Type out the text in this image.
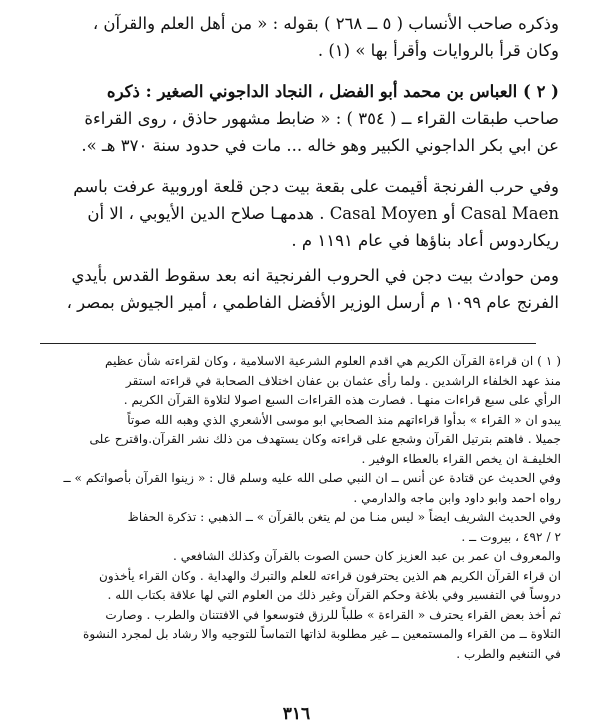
وذكره صاحب الأنساب ( ٥ ــ ٢٦٨ ) بقوله : « من أهل العلم والقرآن ،
وكان قرأ بالروايات وأقرأ بها » (١) .
( ٢ ) العباس بن محمد أبو الفضل ، النجاد الداجوني الصغير : ذكره
صاحب طبقات القراء ــ ( ٣٥٤ ) : « ضابط مشهور حاذق ، روى القراءة
عن ابي بكر الداجوني الكبير وهو خاله ... مات في حدود سنة ٣٧٠ هـ ».
وفي حرب الفرنجة أقيمت على بقعة بيت دجن قلعة اوروبية عرفت باسم
Casal Maen أو Casal Moyen . هدمهـا صلاح الدين الأيوبي ، الا أن
ريكاردوس أعاد بناؤها في عام ١١٩١ م .
ومن حوادث بيت دجن في الحروب الفرنجية انه بعد سقوط القدس بأيدي
الفرنج عام ١٠٩٩ م أرسل الوزير الأفضل الفاطمي ، أمير الجيوش بمصر ،
( ١ ) ان قراءة القرآن الكريم هي اقدم العلوم الشرعية الاسلامية ، وكان لقراءته شأن عظيم
منذ عهد الخلفاء الراشدين . ولما رأى عثمان بن عفان اختلاف الصحابة في قراءته استقر
الرأي على سبع قراءات منهـا . فصارت هذه القراءات السبع اصولا لتلاوة القرآن الكريم .
يبدو ان « القراء » بدأوا قراءاتهم منذ الصحابي ابو موسى الأشعري الذي وهبه الله صوتاً
جميلا . فاهتم بترتيل القرآن وشجع على قراءته وكان يستهدف من ذلك نشر القرآن.واقترح على
الخليفـة ان يخص القراء بالعطاء الوفير .
وفي الحديث عن قتادة عن أنس ــ ان النبي صلى الله عليه وسلم قال : « زينوا القرآن بأصواتكم » ــ
رواه احمد وابو داود وابن ماجه والدارمي .
وفي الحديث الشريف ايضاً « ليس منـا من لم يتغن بالقرآن » ــ الذهبي : تذكرة الحفاظ
٢ / ٤٩٢ ، بيروت ــ .
والمعروف ان عمر بن عبد العزيز كان حسن الصوت بالقرآن وكذلك الشافعي .
ان قراء القرآن الكريم هم الذين يحترفون قراءته للعلم والتبرك والهداية . وكان القراء يأخذون
دروساً في التفسير وفي بلاغة وحكم القرآن وغير ذلك من العلوم التي لها علاقة بكتاب الله .
ثم أخذ بعض القراء يحترف « القراءة » طلباً للرزق فتوسعوا في الافتتنان والطرب . وصارت
التلاوة ــ من القراء والمستمعين ــ غير مطلوبة لذاتها التماساً للتوجيه والا رشاد بل لمجرد النشوة
في التنغيم والطرب .
٣١٦
